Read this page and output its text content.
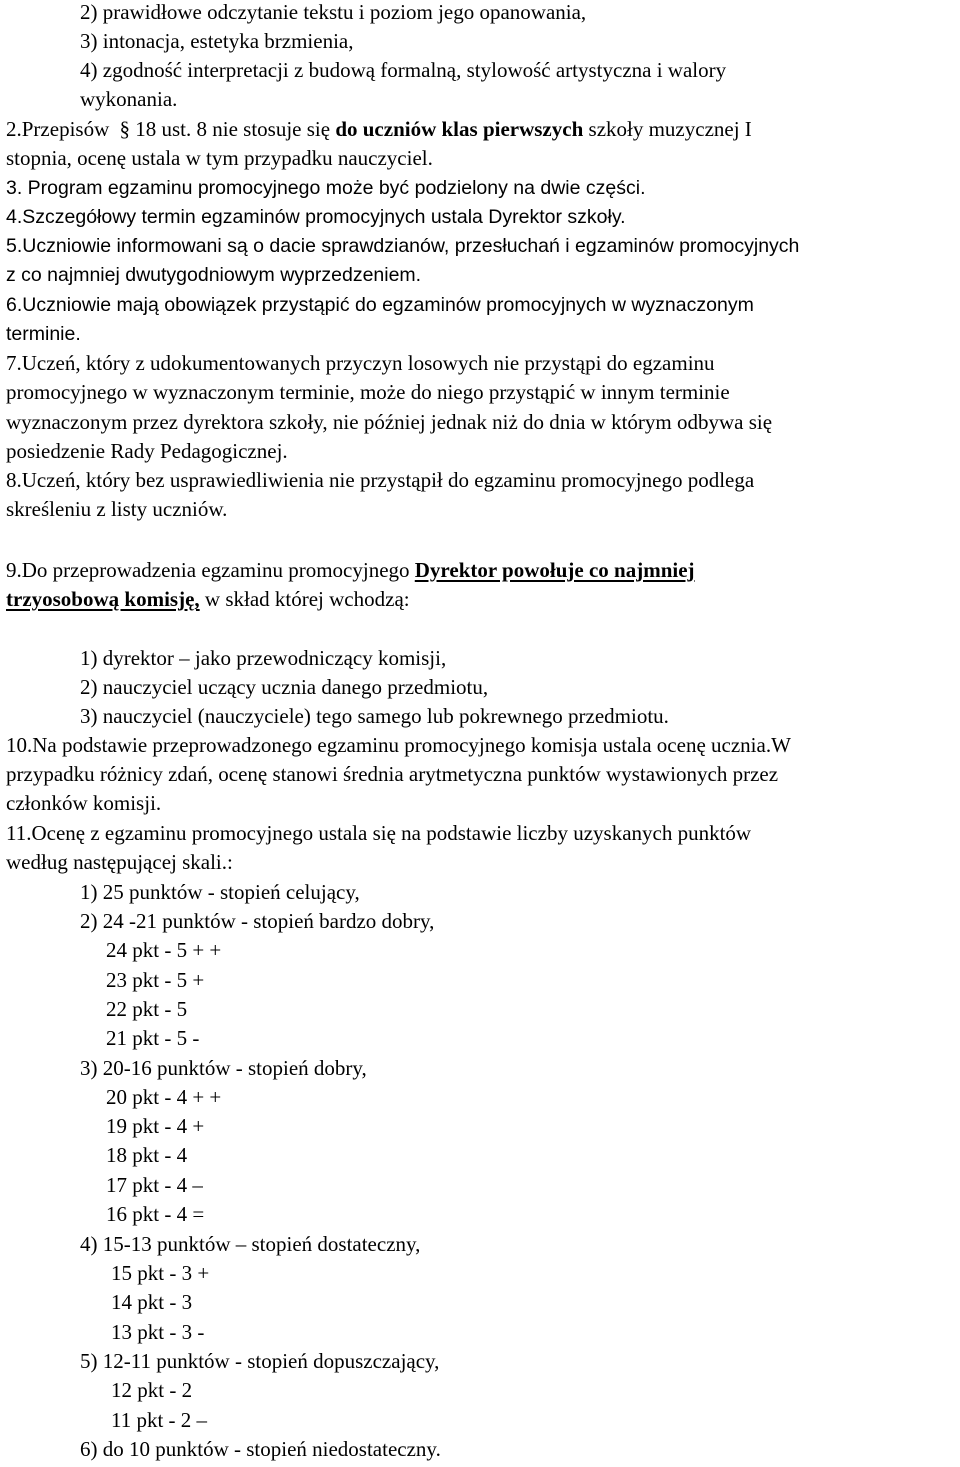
2) prawidłowe odczytanie tekstu i poziom jego opanowania,
3) intonacja, estetyka brzmienia,
4) zgodność interpretacji z budową formalną, stylowość artystyczna i walory
wykonania.
2.Przepisów § 18 ust. 8 nie stosuje się do uczniów klas pierwszych szkoły muzycznej I
stopnia, ocenę ustala w tym przypadku nauczyciel.
3. Program egzaminu promocyjnego może być podzielony na dwie części.
4.Szczegółowy termin egzaminów promocyjnych ustala Dyrektor szkoły.
5.Uczniowie informowani są o dacie sprawdzianów, przesłuchań i egzaminów promocyjnych
z co najmniej dwutygodniowym wyprzedzeniem.
6.Uczniowie mają obowiązek przystąpić do egzaminów promocyjnych w wyznaczonym
terminie.
7.Uczeń, który z udokumentowanych przyczyn losowych nie przystąpi do egzaminu
promocyjnego w wyznaczonym terminie, może do niego przystąpić w innym terminie
wyznaczonym przez dyrektora szkoły, nie później jednak niż do dnia w którym odbywa się
posiedzenie Rady Pedagogicznej.
8.Uczeń, który bez usprawiedliwienia nie przystąpił do egzaminu promocyjnego podlega
skreśleniu z listy uczniów.
9.Do przeprowadzenia egzaminu promocyjnego Dyrektor powołuje co najmniej
trzyosobową komisję, w skład której wchodzą:
1) dyrektor – jako przewodniczący komisji,
2) nauczyciel uczący ucznia danego przedmiotu,
3) nauczyciel (nauczyciele) tego samego lub pokrewnego przedmiotu.
10.Na podstawie przeprowadzonego egzaminu promocyjnego komisja ustala ocenę ucznia.W
przypadku różnicy zdań, ocenę stanowi średnia arytmetyczna punktów wystawionych przez
członków komisji.
11.Ocenę z egzaminu promocyjnego ustala się na podstawie liczby uzyskanych punktów
według następującej skali.:
1) 25 punktów - stopień celujący,
2) 24 -21 punktów - stopień bardzo dobry,
24 pkt - 5 + +
23 pkt - 5 +
22 pkt - 5
21 pkt - 5 -
3) 20-16 punktów - stopień dobry,
20 pkt - 4 + +
19 pkt - 4 +
18 pkt - 4
17 pkt - 4 –
16 pkt - 4 =
4) 15-13 punktów – stopień dostateczny,
15 pkt - 3 +
14 pkt - 3
13 pkt - 3 -
5) 12-11 punktów - stopień dopuszczający,
12 pkt - 2
11 pkt - 2 –
6) do 10 punktów - stopień niedostateczny.
